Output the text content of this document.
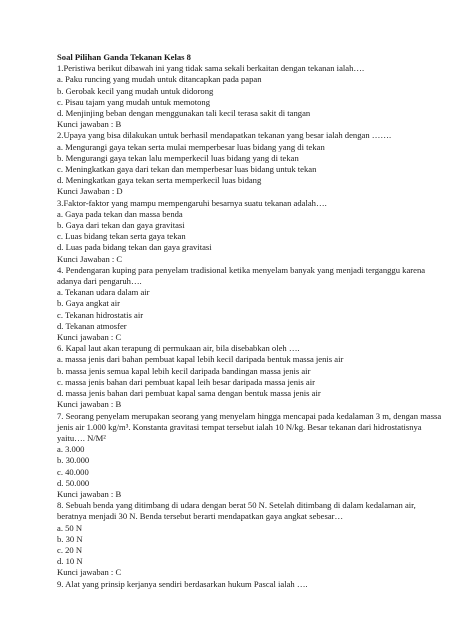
Soal Pilihan Ganda Tekanan Kelas 8
1.Peristiwa berikut dibawah ini yang tidak sama sekali berkaitan dengan tekanan ialah….
a. Paku runcing yang mudah untuk ditancapkan pada papan
b. Gerobak kecil yang mudah untuk didorong
c. Pisau tajam yang mudah untuk memotong
d. Menjinjing beban dengan menggunakan tali kecil terasa sakit di tangan
Kunci jawaban : B
2.Upaya yang bisa dilakukan untuk berhasil mendapatkan tekanan yang besar ialah dengan …….
a. Mengurangi gaya tekan serta mulai memperbesar luas bidang yang di tekan
b. Mengurangi gaya tekan lalu memperkecil luas bidang yang di tekan
c. Meningkatkan gaya dari tekan dan memperbesar luas bidang untuk tekan
d. Meningkatkan gaya tekan serta memperkecil luas bidang
Kunci Jawaban : D
3.Faktor-faktor yang mampu mempengaruhi besarnya suatu tekanan adalah….
a. Gaya pada tekan dan massa benda
b. Gaya dari tekan dan gaya gravitasi
c. Luas bidang tekan serta gaya tekan
d. Luas pada bidang tekan dan gaya gravitasi
Kunci Jawaban : C
4. Pendengaran kuping para penyelam tradisional ketika menyelam banyak yang menjadi terganggu karena adanya dari pengaruh….
a. Tekanan udara dalam air
b. Gaya angkat air
c. Tekanan hidrostatis air
d. Tekanan atmosfer
Kunci jawaban : C
6. Kapal laut akan terapung di permukaan air, bila disebabkan oleh ….
a. massa jenis dari bahan pembuat kapal lebih kecil daripada bentuk massa jenis air
b. massa jenis semua kapal lebih kecil daripada bandingan massa jenis air
c. massa jenis bahan dari pembuat kapal leih besar daripada massa jenis air
d. massa jenis bahan dari pembuat kapal sama dengan bentuk massa jenis air
Kunci jawaban : B
7. Seorang penyelam merupakan seorang yang menyelam hingga mencapai pada kedalaman 3 m, dengan massa jenis air 1.000 kg/m³. Konstanta gravitasi tempat tersebut ialah 10 N/kg. Besar tekanan dari hidrostatisnya yaitu…. N/M²
a. 3.000
b. 30.000
c. 40.000
d. 50.000
Kunci jawaban : B
8. Sebuah benda yang ditimbang di udara dengan berat 50 N. Setelah ditimbang di dalam kedalaman air, beratnya menjadi 30 N. Benda tersebut berarti mendapatkan gaya angkat sebesar…
a. 50 N
b. 30 N
c. 20 N
d. 10 N
Kunci jawaban : C
9. Alat yang prinsip kerjanya sendiri berdasarkan hukum Pascal ialah ….
